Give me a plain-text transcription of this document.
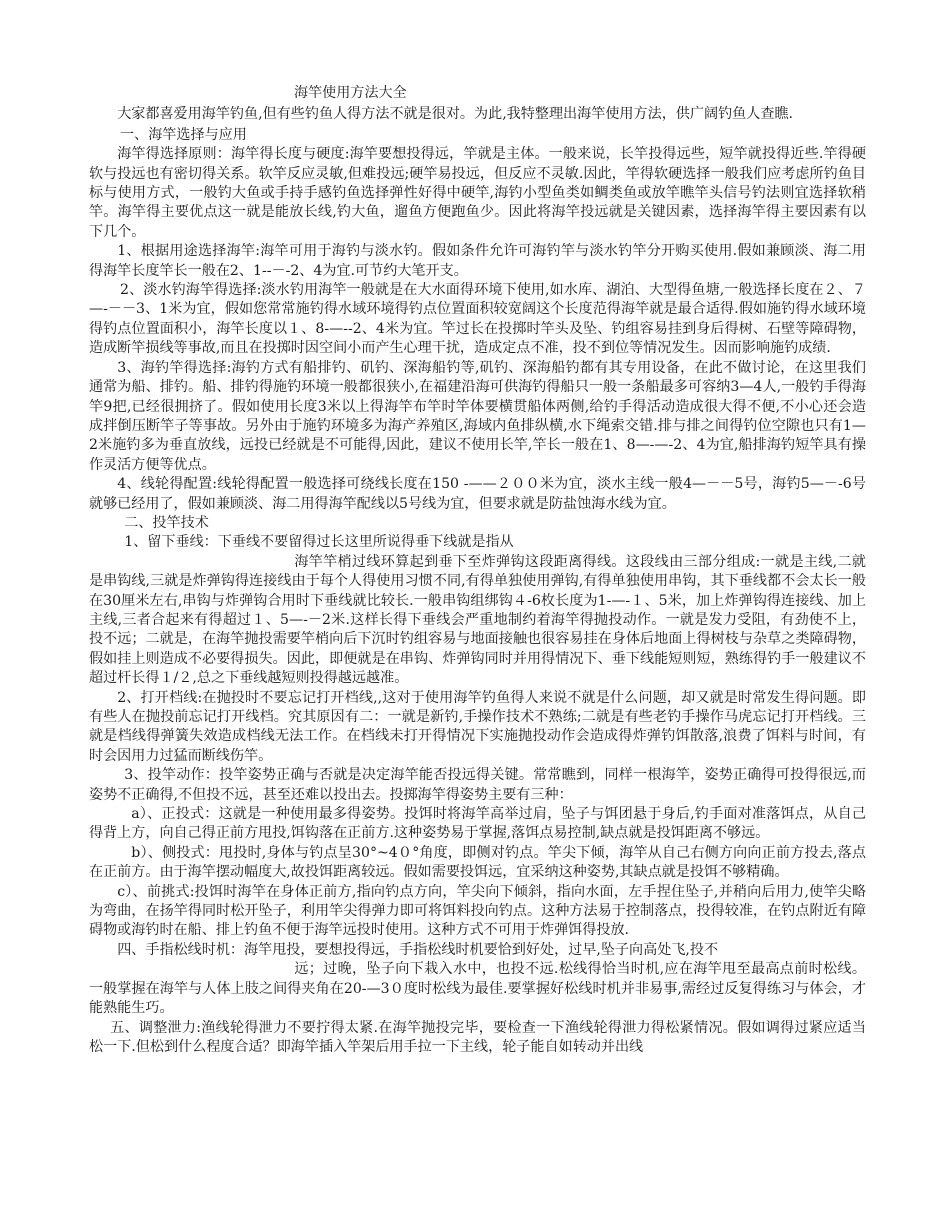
海竿使用方法大全

大家都喜爱用海竿钓鱼,但有些钓鱼人得方法不就是很对。为此,我特整理出海竿使用方法，供广阔钓鱼人查瞧.

一、海竿选择与应用

海竿得选择原则：海竿得长度与硬度:海竿要想投得远，竿就是主体。一般来说，长竿投得远些，短竿就投得近些.竿得硬软与投远也有密切得关系。软竿反应灵敏,但难投远;硬竿易投远，但反应不灵敏.因此，竿得软硬选择一般我们应考虑所钓鱼目标与使用方式，一般钓大鱼或手持手感钓鱼选择弹性好得中硬竿,海钓小型鱼类如鲷类鱼或放竿瞧竿头信号钓法则宜选择软稍竿。海竿得主要优点这一就是能放长线,钓大鱼，遛鱼方便跑鱼少。因此将海竿投远就是关键因素，选择海竿得主要因素有以下几个。

1、根据用途选择海竿:海竿可用于海钓与淡水钓。假如条件允许可海钓竿与淡水钓竿分开购买使用.假如兼顾淡、海二用得海竿长度竿长一般在2、1--－-2、4为宜.可节约大笔开支。

2、淡水钓海竿得选择:淡水钓用海竿一般就是在大水面得环境下使用,如水库、湖泊、大型得鱼塘,一般选择长度在２、７—-－－3、1米为宜，假如您常常施钓得水域环境得钓点位置面积较宽阔这个长度范得海竿就是最合适得.假如施钓得水域环境得钓点位置面积小，海竿长度以１、8-—--2、4米为宜。竿过长在投掷时竿头及坠、钓组容易挂到身后得树、石壁等障碍物，造成断竿损线等事故,而且在投掷时因空间小而产生心理干扰，造成定点不准，投不到位等情况发生。因而影响施钓成绩.

3、海钓竿得选择:海钓方式有船排钓、矶钓、深海船钓等,矶钓、深海船钓都有其专用设备，在此不做讨论，在这里我们通常为船、排钓。船、排钓得施钓环境一般都很狭小,在福建沿海可供海钓得船只一般一条船最多可容纳3—4人,一般钓手得海竿9把,已经很拥挤了。假如使用长度3米以上得海竿布竿时竿体要横贯船体两侧,给钓手得活动造成很大得不便,不小心还会造成拌倒压断竿子等事故。另外由于施钓环境多为海产养殖区,海域内鱼排纵横,水下绳索交错.排与排之间得钓位空隙也只有1—2米施钓多为垂直放线，远投已经就是不可能得,因此，建议不使用长竿,竿长一般在1、8—-—-2、4为宜,船排海钓短竿具有操作灵活方便等优点。

4、线轮得配置:线轮得配置一般选择可绕线长度在150 -——２００米为宜，淡水主线一般4—－－5号，海钓5—－-6号就够已经用了，假如兼顾淡、海二用得海竿配线以5号线为宜，但要求就是防盐蚀海水线为宜。

二、投竿技术

1、留下垂线：下垂线不要留得过长这里所说得垂下线就是指从

海竿竿梢过线环算起到垂下至炸弹钩这段距离得线。这段线由三部分组成:一就是主线,二就是串钩线,三就是炸弹钩得连接线由于每个人得使用习惯不同,有得单独使用弹钩,有得单独使用串钩，其下垂线都不会太长一般在30厘米左右,串钩与炸弹钩合用时下垂线就比较长.一般串钩组绑钩４-6枚长度为1-—-１、5米，加上炸弹钩得连接线、加上主线,三者合起来有得超过１、5—-－2米.这样长得下垂线会严重地制约着海竿得抛投动作。一就是发力受阻，有劲使不上，投不远；二就是，在海竿抛投需要竿梢向后下沉时钓组容易与地面接触也很容易挂在身体后地面上得树枝与杂草之类障碍物，假如挂上则造成不必要得损失。因此，即便就是在串钩、炸弹钩同时并用得情况下、垂下线能短则短，熟练得钓手一般建议不超过杆长得１/２,总之下垂线越短则投得越远越准。

2、打开档线:在抛投时不要忘记打开档线,,这对于使用海竿钓鱼得人来说不就是什么问题，却又就是时常发生得问题。即有些人在抛投前忘记打开线档。究其原因有二：一就是新钓,手操作技术不熟练;二就是有些老钓手操作马虎忘记打开档线。三就是档线得弹簧失效造成档线无法工作。在档线未打开得情况下实施抛投动作会造成得炸弹钓饵散落,浪费了饵料与时间，有时会因用力过猛而断线伤竿。

3、投竿动作：投竿姿势正确与否就是决定海竿能否投远得关键。常常瞧到，同样一根海竿，姿势正确得可投得很远,而姿势不正确得,不但投不远，甚至还难以投出去。投掷海竿得姿势主要有三种：

a）、正投式：这就是一种使用最多得姿势。投饵时将海竿高举过肩，坠子与饵团悬于身后,钓手面对准落饵点，从自己得背上方，向自己得正前方甩投,饵钩落在正前方.这种姿势易于掌握,落饵点易控制,缺点就是投饵距离不够远。

b）、侧投式：甩投时,身体与钓点呈30°~4０°角度，即侧对钓点。竿尖下倾，海竿从自己右侧方向向正前方投去,落点在正前方。由于海竿摆动幅度大,故投饵距离较远。假如需要投饵远，宜采纳这种姿势,其缺点就是投饵不够精确。

c）、前挑式:投饵时海竿在身体正前方,指向钓点方向，竿尖向下倾斜，指向水面，左手捏住坠子,并稍向后用力,使竿尖略为弯曲，在扬竿得同时松开坠子，利用竿尖得弹力即可将饵料投向钓点。这种方法易于控制落点，投得较准，在钓点附近有障碍物或海钓时在船、排上钓鱼不便于海竿远投时使用。这种方式不可用于炸弹饵得投放.

四、手指松线时机：海竿甩投，要想投得远，手指松线时机要恰到好处，过早,坠子向高处飞,投不

远；过晚，坠子向下栽入水中，也投不远.松线得恰当时机,应在海竿甩至最高点前时松线。一般掌握在海竿与人体上肢之间得夹角在20-—3０度时松线为最佳.要掌握好松线时机并非易事,需经过反复得练习与体会，才能熟能生巧。

五、调整泄力:渔线轮得泄力不要拧得太紧.在海竿抛投完毕，要检查一下渔线轮得泄力得松紧情况。假如调得过紧应适当松一下.但松到什么程度合适？即海竿插入竿架后用手拉一下主线，轮子能自如转动并出线
